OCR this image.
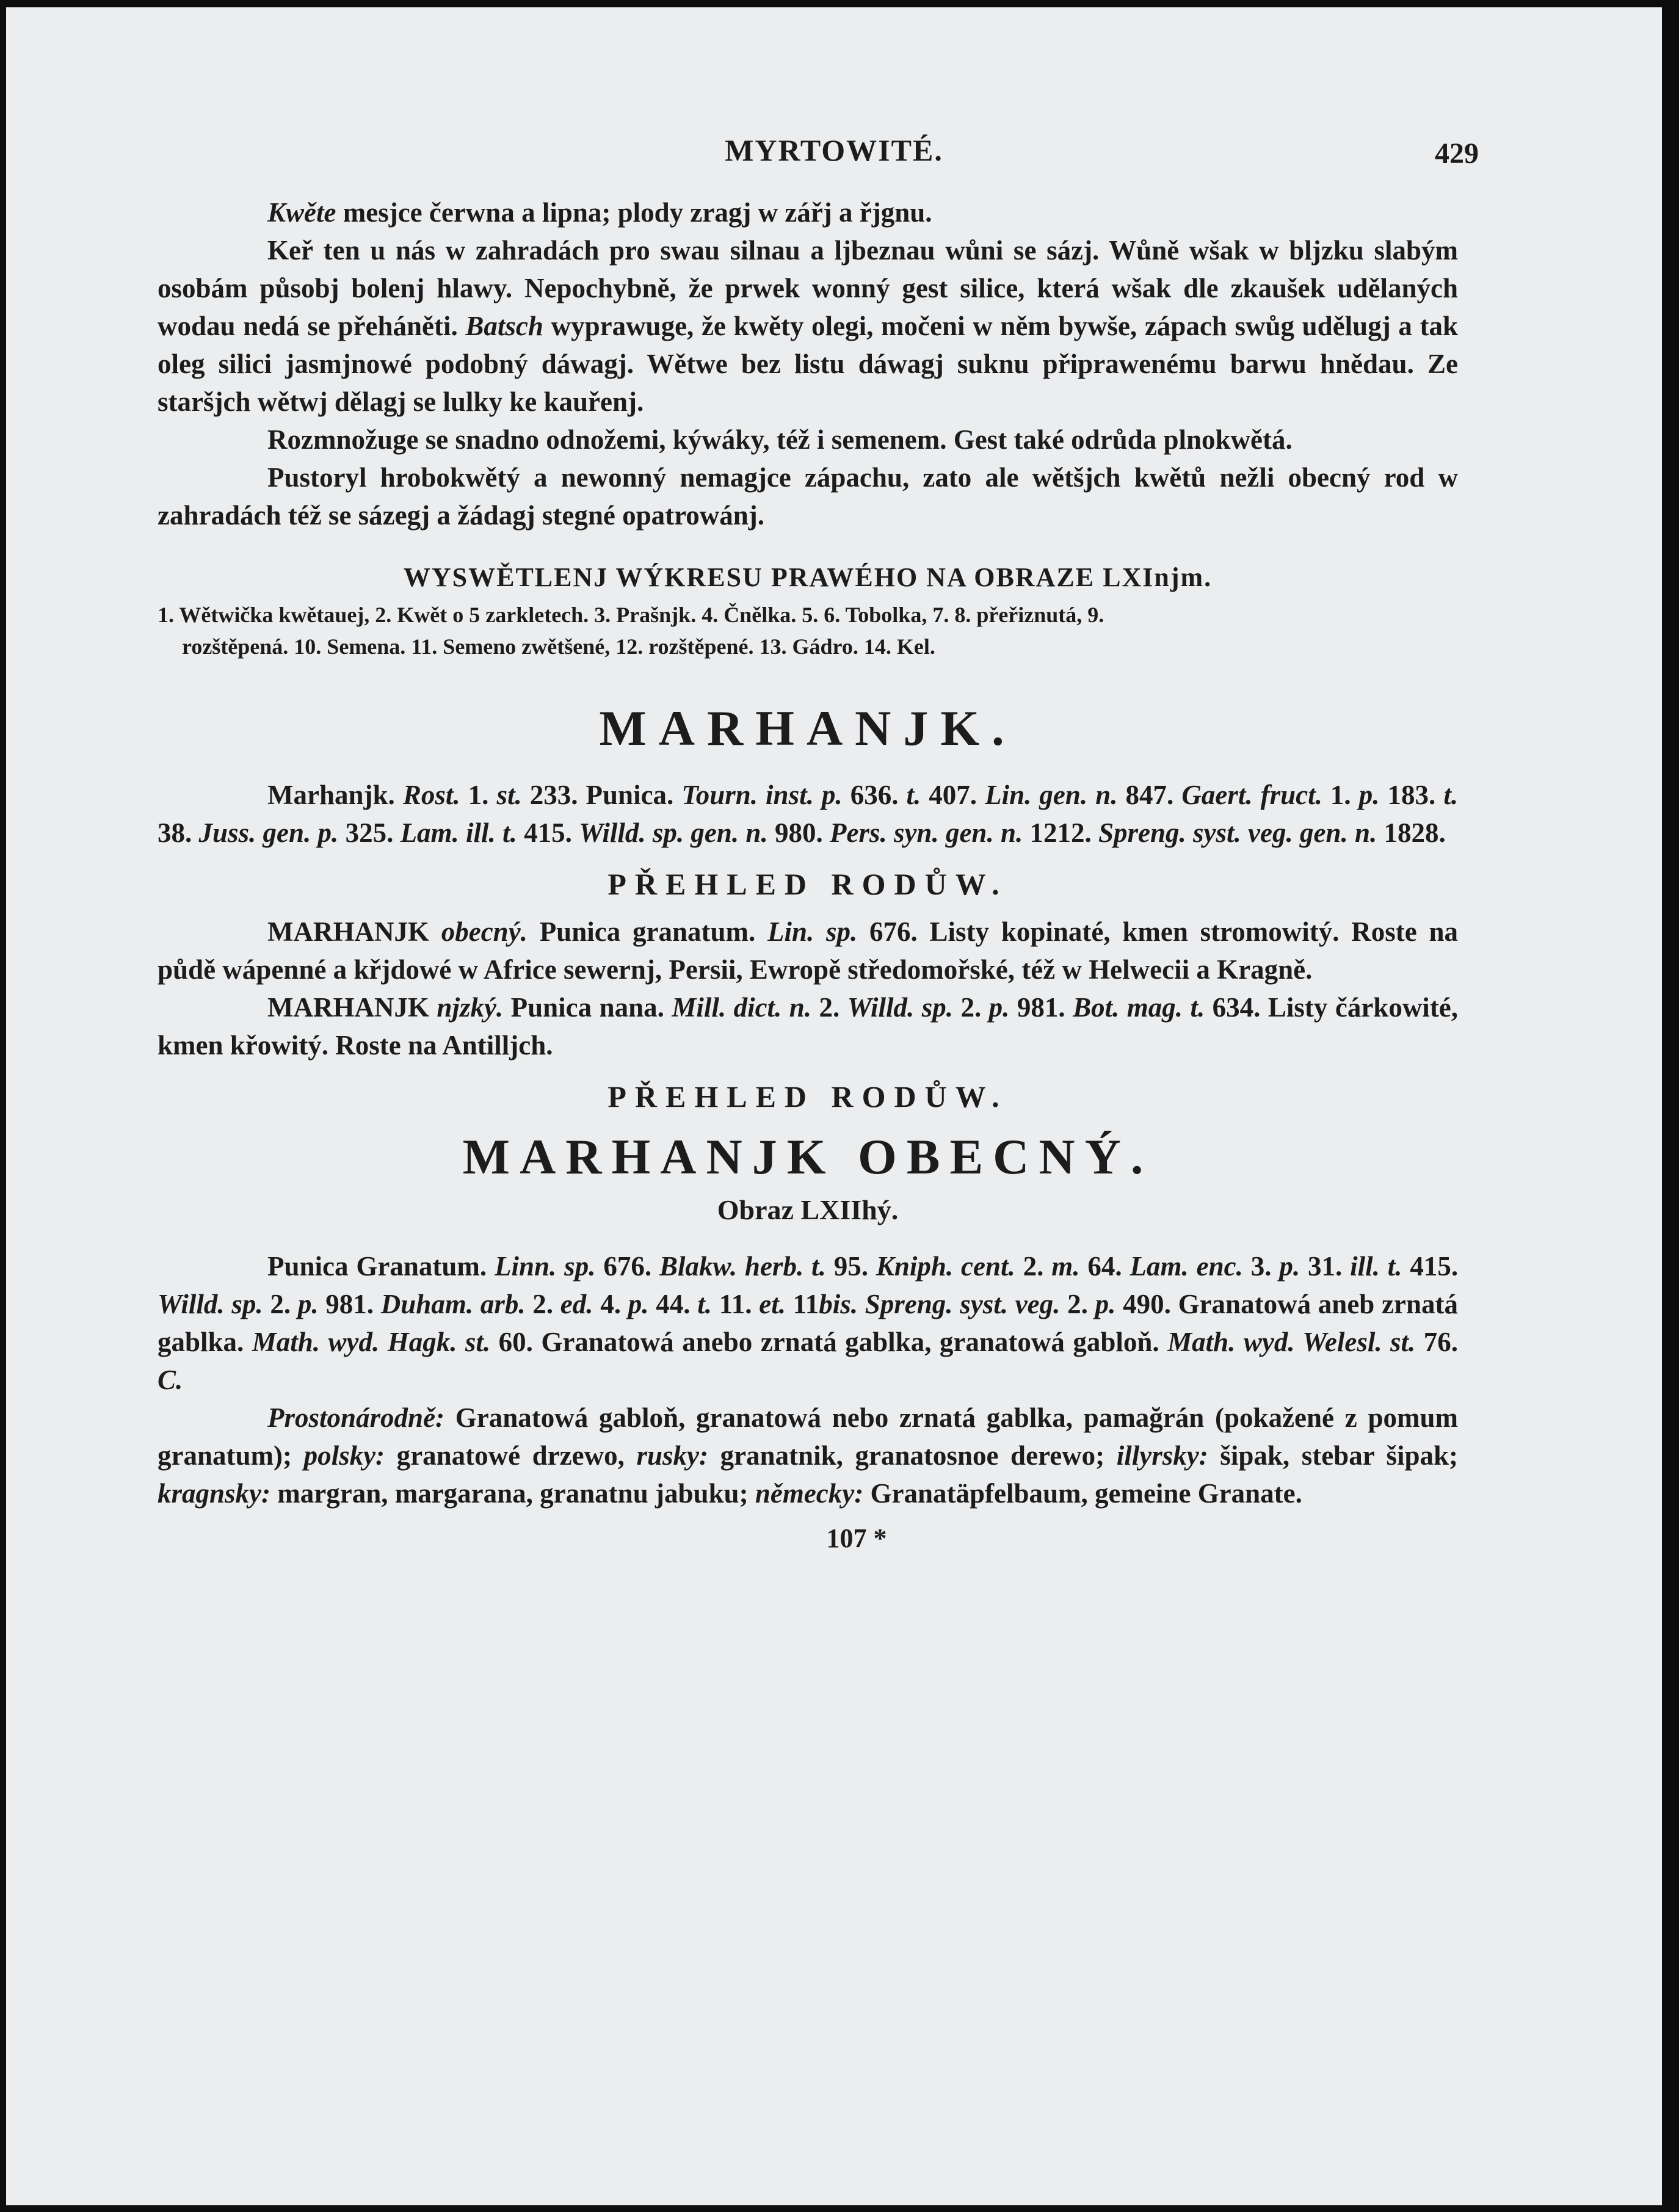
MYRTOWITÉ.	429

Kwěte mesjce čerwna a lipna; plody zragj w zářj a řjgnu.

Keř ten u nás w zahradách pro swau silnau a ljbeznau wůni se sázj. Wůně wšak w bljzku slabým osobám působj bolenj hlawy. Nepochybně, že prwek wonný gest silice, která wšak dle zkaušek udělaných wodau nedá se přeháněti. Batsch wyprawuge, že kwěty olegi, močeni w něm bywše, zápach swůg udělugj a tak oleg silici jasmjnowé podobný dáwagj. Wětwe bez listu dáwagj suknu připrawenému barwu hnědau. Ze staršjch wětwj dělagj se lulky ke kauřenj.

Rozmnožuge se snadno odnožemi, kýwáky, též i semenem. Gest také odrůda plnokwětá.

Pustoryl hrobokwětý a newonný nemagjce zápachu, zato ale wětšjch kwětů nežli obecný rod w zahradách též se sázegj a žádagj stegné opatrowánj.

WYSWĚTLENJ WÝKRESU PRAWÉHO NA OBRAZE LXInjm.

1. Wětwička kwětauej, 2. Kwět o 5 zarkletech. 3. Prašnjk. 4. Čnělka. 5. 6. Tobolka, 7. 8. přeřiznutá, 9.
rozštěpená. 10. Semena. 11. Semeno zwětšené, 12. rozštěpené. 13. Gádro. 14. Kel.

MARHANJK.

Marhanjk. Rost. 1. st. 233. Punica. Tourn. inst. p. 636. t. 407. Lin. gen. n. 847. Gaert. fruct. 1. p. 183. t. 38. Juss. gen. p. 325. Lam. ill. t. 415. Willd. sp. gen. n. 980. Pers. syn. gen. n. 1212. Spreng. syst. veg. gen. n. 1828.

PŘEHLED RODŮW.

MARHANJK obecný. Punica granatum. Lin. sp. 676. Listy kopinaté, kmen stromowitý. Roste na půdě wápenné a křjdowé w Africe sewernj, Persii, Ewropě středomořské, též w Helwecii a Kragně.

MARHANJK njzký. Punica nana. Mill. dict. n. 2. Willd. sp. 2. p. 981. Bot. mag. t. 634. Listy čárkowité, kmen křowitý. Roste na Antilljch.

PŘEHLED RODŮW.

MARHANJK OBECNÝ.

Obraz LXIIhý.

Punica Granatum. Linn. sp. 676. Blakw. herb. t. 95. Kniph. cent. 2. m. 64. Lam. enc. 3. p. 31. ill. t. 415. Willd. sp. 2. p. 981. Duham. arb. 2. ed. 4. p. 44. t. 11. et. 11bis. Spreng. syst. veg. 2. p. 490. Granatowá aneb zrnatá gablka. Math. wyd. Hagk. st. 60. Granatowá anebo zrnatá gablka, granatowá gabloň. Math. wyd. Welesl. st. 76. C.

Prostonárodně: Granatowá gabloň, granatowá nebo zrnatá gablka, pamağrán (pokažené z pomum granatum); polsky: granatowé drzewo, rusky: granatnik, granatosnoe derewo; illyrsky: šipak, stebar šipak; kragnsky: margran, margarana, granatnu jabuku; německy: Granatäpfelbaum, gemeine Granate.

107 *
